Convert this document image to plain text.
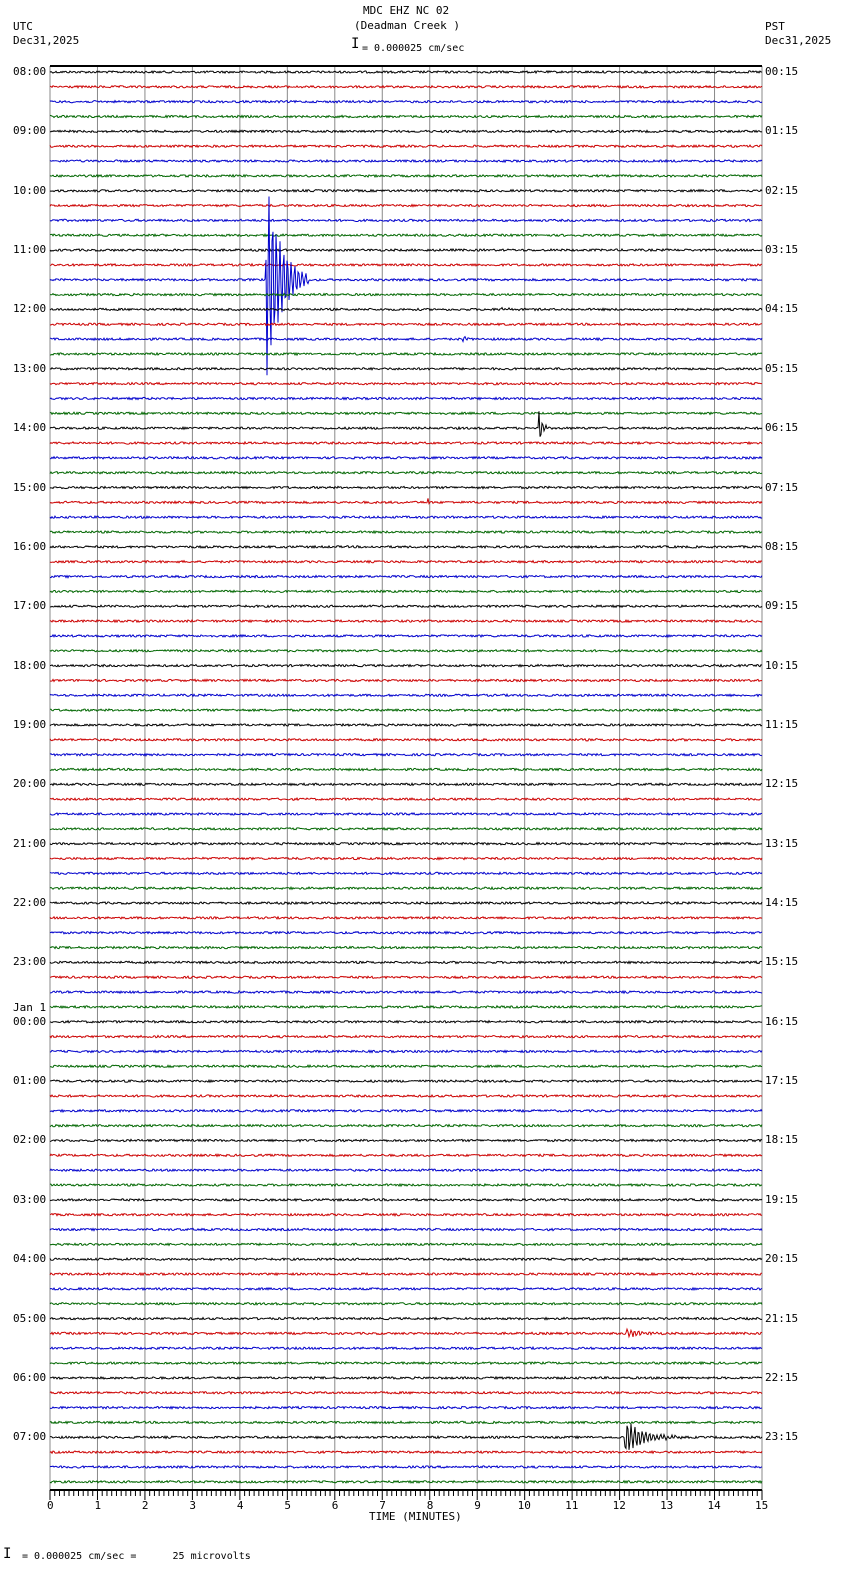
MDC EHZ NC 02
(Deadman Creek )
UTC
Dec31,2025
PST
Dec31,2025
I = 0.000025 cm/sec
TIME (MINUTES)
I = 0.000025 cm/sec =      25 microvolts
08:00
09:00
10:00
11:00
12:00
13:00
14:00
15:00
16:00
17:00
18:00
19:00
20:00
21:00
22:00
23:00
00:00
Jan 1
01:00
02:00
03:00
04:00
05:00
06:00
07:00
00:15
01:15
02:15
03:15
04:15
05:15
06:15
07:15
08:15
09:15
10:15
11:15
12:15
13:15
14:15
15:15
16:15
17:15
18:15
19:15
20:15
21:15
22:15
23:15
0	1	2	3	4	5	6	7	8	9	10	11	12	13	14	15
